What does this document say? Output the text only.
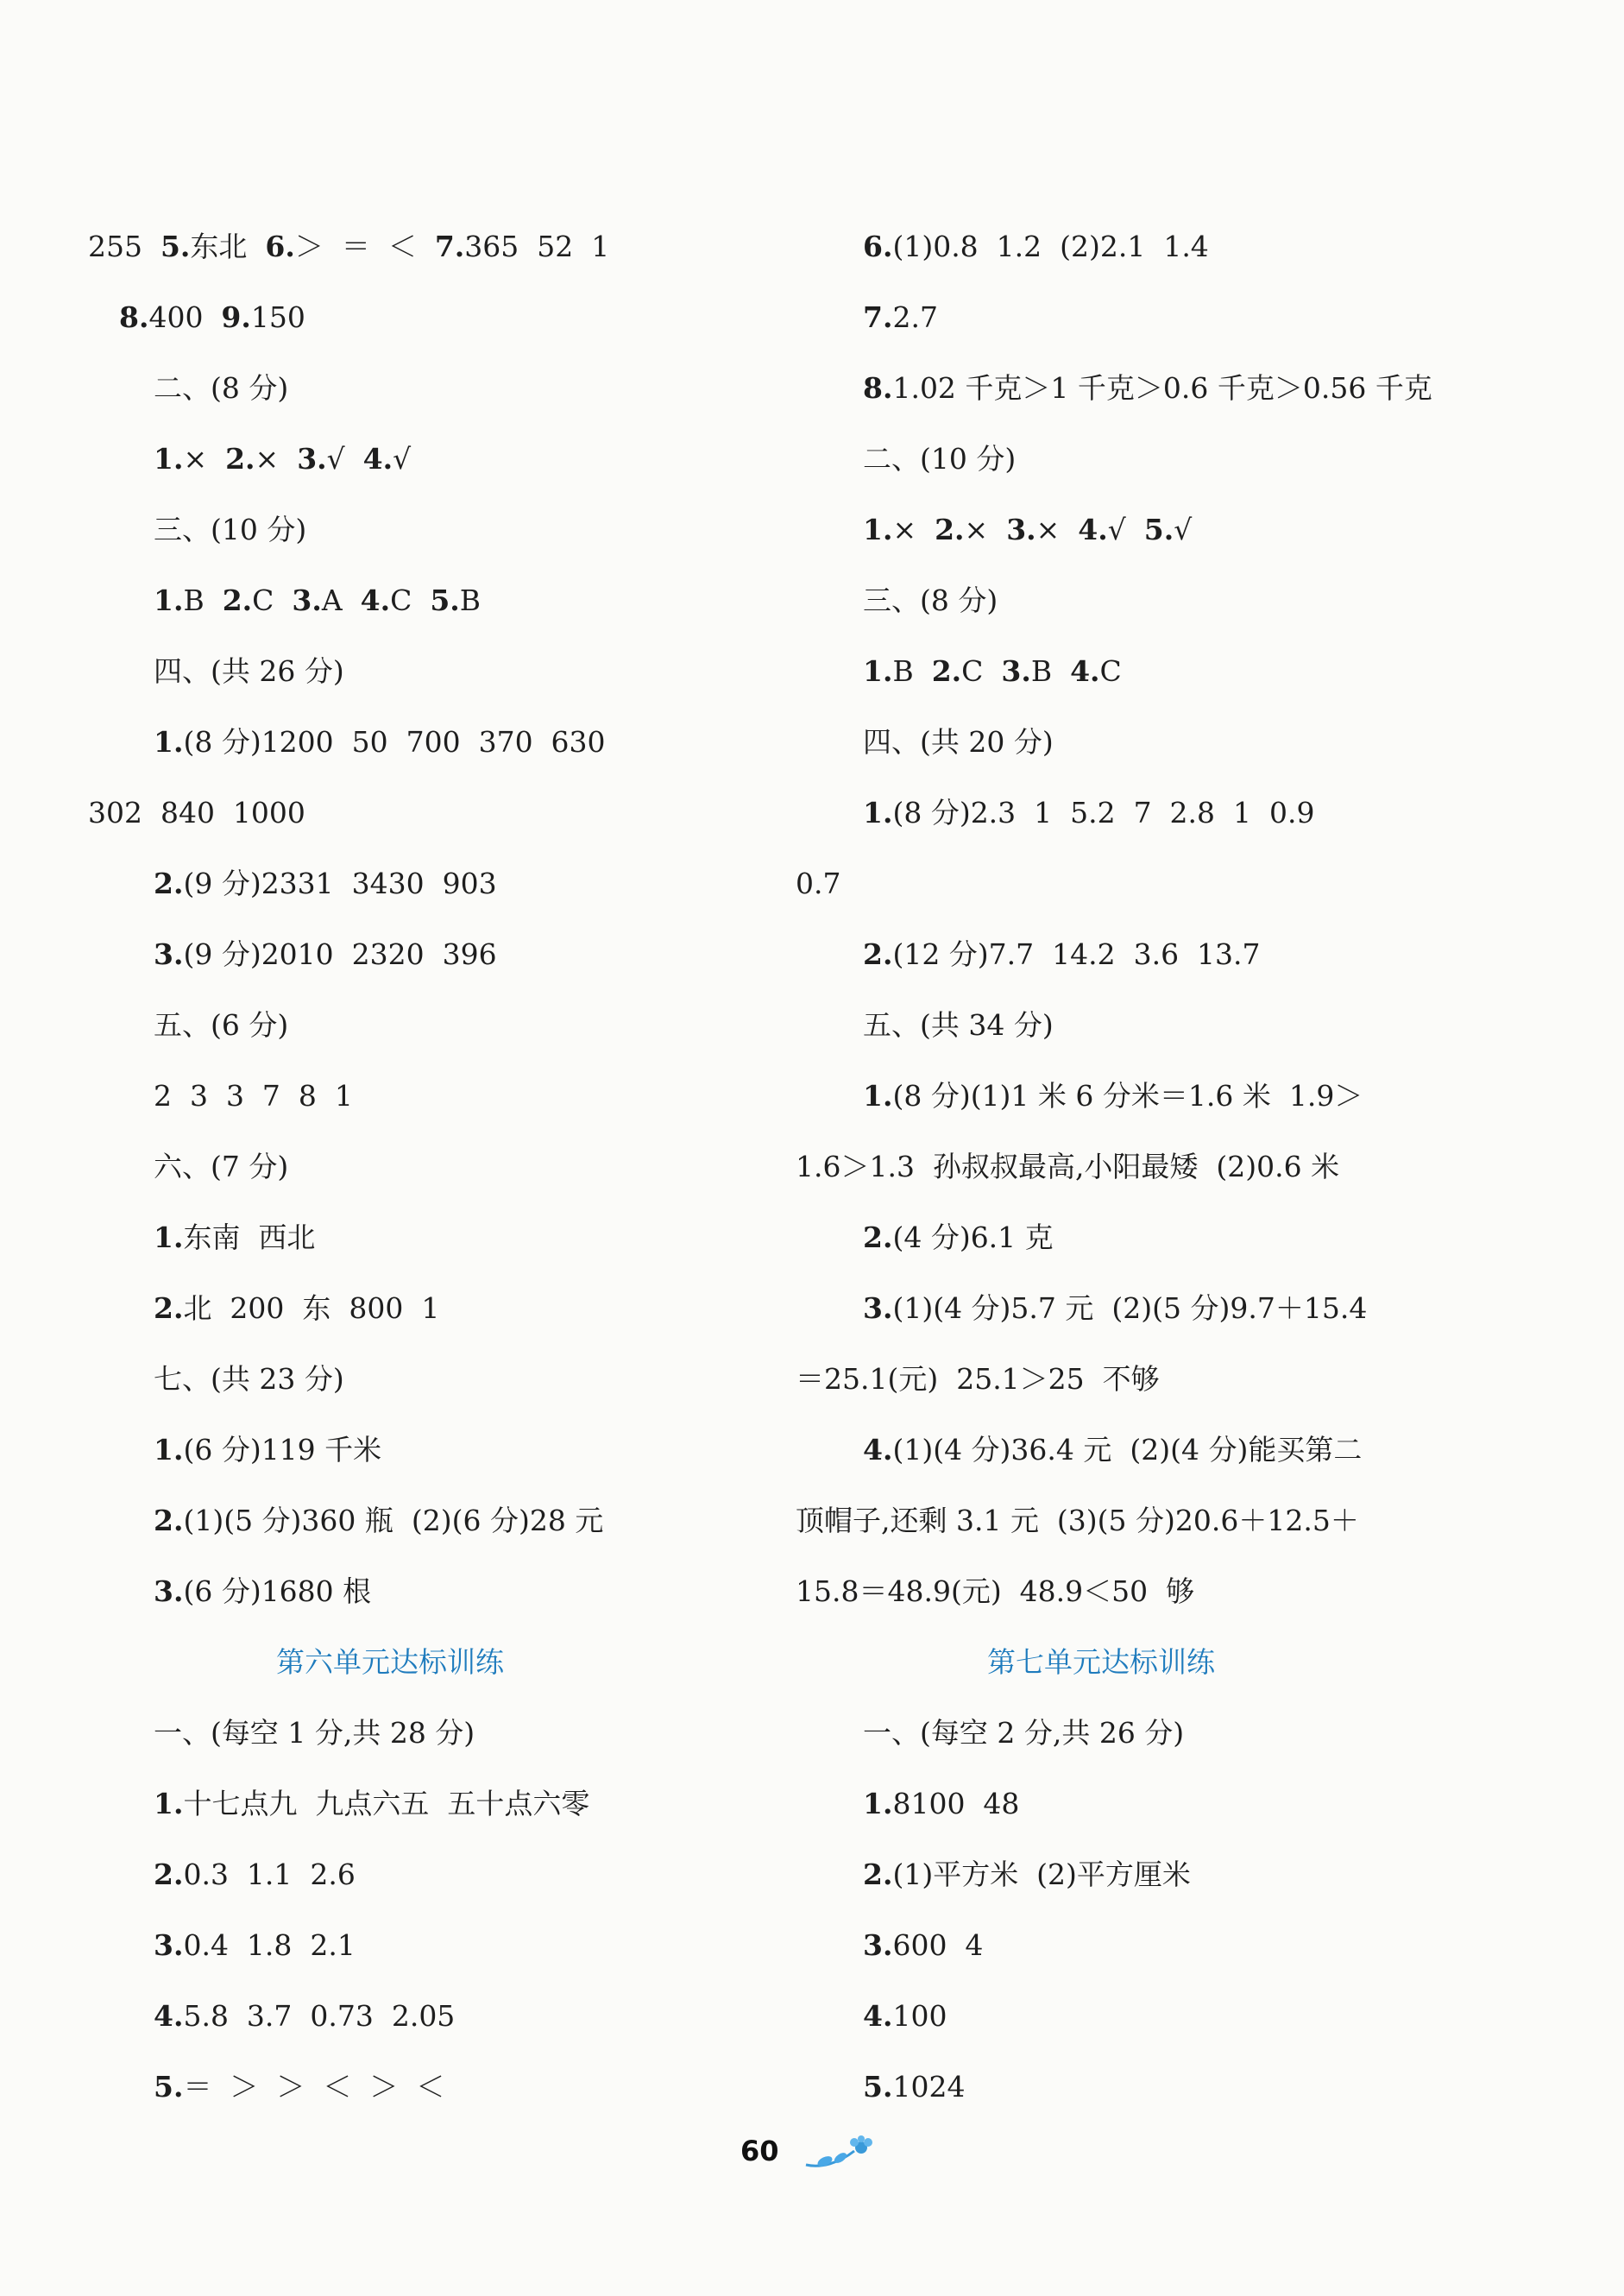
255  5.东北  6.＞  ＝  ＜  7.365  52  1
8.400  9.150
二、(8 分)
1.×  2.×  3.√  4.√
三、(10 分)
1.B  2.C  3.A  4.C  5.B
四、(共 26 分)
1.(8 分)1200  50  700  370  630
302  840  1000
2.(9 分)2331  3430  903
3.(9 分)2010  2320  396
五、(6 分)
2  3  3  7  8  1
六、(7 分)
1.东南  西北
2.北  200  东  800  1
七、(共 23 分)
1.(6 分)119 千米
2.(1)(5 分)360 瓶  (2)(6 分)28 元
3.(6 分)1680 根
第六单元达标训练
一、(每空 1 分,共 28 分)
1.十七点九  九点六五  五十点六零
2.0.3  1.1  2.6
3.0.4  1.8  2.1
4.5.8  3.7  0.73  2.05
5.＝  ＞  ＞  ＜  ＞  ＜
6.(1)0.8  1.2  (2)2.1  1.4
7.2.7
8.1.02 千克＞1 千克＞0.6 千克＞0.56 千克
二、(10 分)
1.×  2.×  3.×  4.√  5.√
三、(8 分)
1.B  2.C  3.B  4.C
四、(共 20 分)
1.(8 分)2.3  1  5.2  7  2.8  1  0.9
0.7
2.(12 分)7.7  14.2  3.6  13.7
五、(共 34 分)
1.(8 分)(1)1 米 6 分米＝1.6 米  1.9＞
1.6＞1.3  孙叔叔最高,小阳最矮  (2)0.6 米
2.(4 分)6.1 克
3.(1)(4 分)5.7 元  (2)(5 分)9.7＋15.4
＝25.1(元)  25.1＞25  不够
4.(1)(4 分)36.4 元  (2)(4 分)能买第二
顶帽子,还剩 3.1 元  (3)(5 分)20.6＋12.5＋
15.8＝48.9(元)  48.9＜50  够
第七单元达标训练
一、(每空 2 分,共 26 分)
1.8100  48
2.(1)平方米  (2)平方厘米
3.600  4
4.100
5.1024
60
